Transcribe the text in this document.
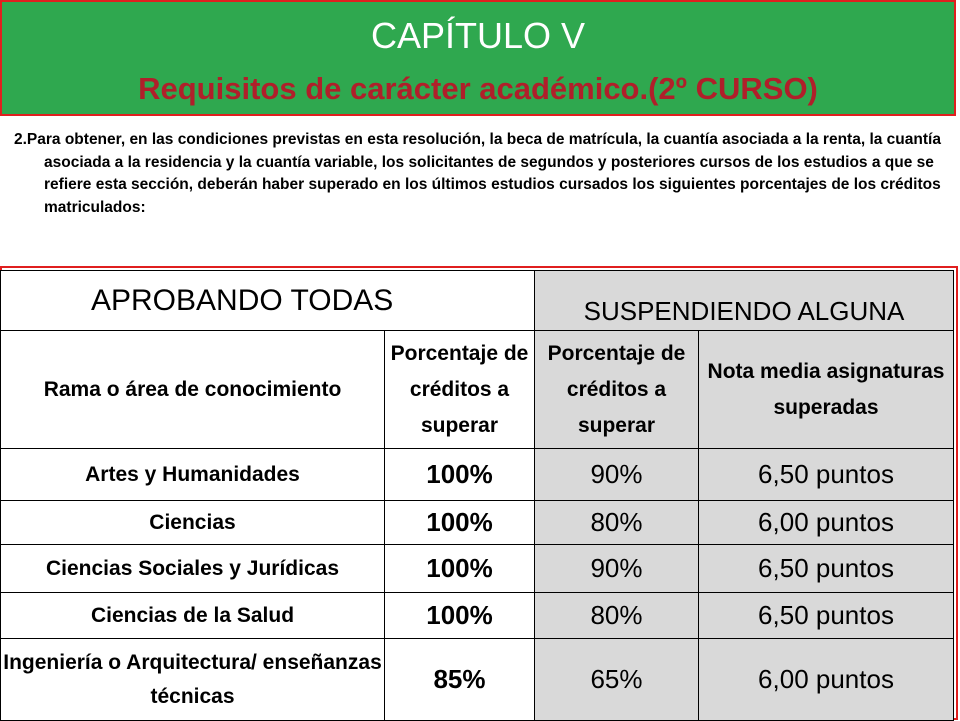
CAPÍTULO V
Requisitos de carácter académico.(2º CURSO)

2.Para obtener, en las condiciones previstas en esta resolución, la beca de matrícula, la cuantía asociada a la renta, la cuantía asociada a la residencia y la cuantía variable, los solicitantes de segundos y posteriores cursos de los estudios a que se refiere esta sección, deberán haber superado en los últimos estudios cursados los siguientes porcentajes de los créditos matriculados:

APROBANDO TODAS		SUSPENDIENDO ALGUNA	
Rama o área de conocimiento	Porcentaje de créditos a superar	Porcentaje de créditos a superar	Nota media asignaturas superadas
Artes y Humanidades	100%	90%	6,50 puntos
Ciencias	100%	80%	6,00 puntos
Ciencias Sociales y Jurídicas	100%	90%	6,50 puntos
Ciencias de la Salud	100%	80%	6,50 puntos
Ingeniería o Arquitectura/ enseñanzas técnicas	85%	65%	6,00 puntos
